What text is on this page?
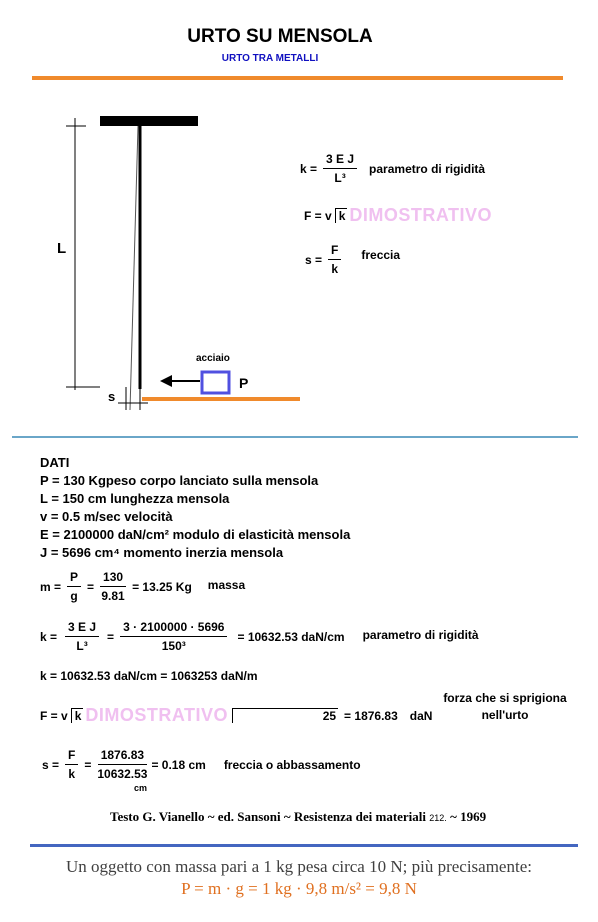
URTO SU MENSOLA
URTO TRA METALLI
L
s
acciaio
P
$k = \frac{\text{3 E J}}{\text{L³}}$ parametro di rigidità
F = v k DIMOSTRATIVO
$s = \frac{F}{k}$ freccia
DATI
P = 130 Kgpeso corpo lanciato sulla mensola
L = 150 cm lunghezza mensola
v = 0.5 m/sec velocità
E = 2100000 daN/cm² modulo di elasticità mensola
J = 5696 cm⁴ momento inerzia mensola
$m = \frac{P}{g} = \frac{130}{9.81} = 13.25$ Kg massa
$k = \frac{\text{3 E J}}{\text{L³}} = \frac{3 \cdot 2100000 \cdot 5696}{\text{150³}} = 10632.53$ daN/cm parametro di rigidità
k = 10632.53 daN/cm = 1063253 daN/m
F = v k DIMOSTRATIVO	25 = 1876.83 daN
forza che si sprigiona
nell'urto
$s = \frac{F}{k} = \frac{1876.83}{10632.53} = 0.18$ cm freccia o abbassamento
cm
Testo G. Vianello ~ ed. Sansoni ~ Resistenza dei materiali 212. ~ 1969
Un oggetto con massa pari a 1 kg pesa circa 10 N; più precisamente:
P = m · g = 1 kg · 9,8 m/s² = 9,8 N
